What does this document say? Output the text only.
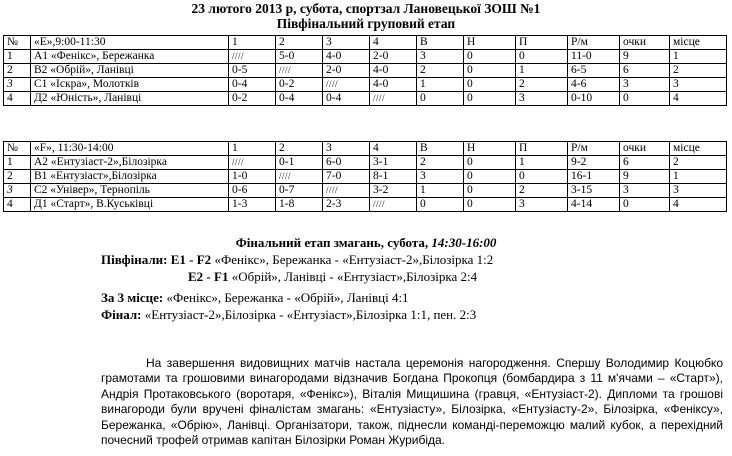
23 лютого 2013 р, субота, спортзал Лановецької ЗОШ №1
Півфінальний груповий етап
№	«Е»,9:00-11:30	1	2	3	4	В	Н	П	Р/м	очки	місце
1	А1 «Фенікс», Бережанка	////	5-0	4-0	2-0	3	0	0	11-0	9	1
2	В2 «Обрій», Ланівці	0-5	////	2-0	4-0	2	0	1	6-5	6	2
3	С1 «Іскра», Молотків	0-4	0-2	////	4-0	1	0	2	4-6	3	3
4	Д2 «Юність», Ланівці	0-2	0-4	0-4	////	0	0	3	0-10	0	4
№	«F», 11:30-14:00	1	2	3	4	В	Н	П	Р/м	очки	місце
1	А2 «Ентузіаст-2»,Білозірка	////	0-1	6-0	3-1	2	0	1	9-2	6	2
2	В1 «Ентузіаст»,Білозірка	1-0	////	7-0	8-1	3	0	0	16-1	9	1
3	С2 «Універ», Тернопіль	0-6	0-7	////	3-2	1	0	2	3-15	3	3
4	Д1 «Старт», В.Куськівці	1-3	1-8	2-3	////	0	0	3	4-14	0	4
Фінальний етап змагань, субота, 14:30-16:00
Півфінали: Е1 - F2 «Фенікс», Бережанка - «Ентузіаст-2»,Білозірка 1:2
Е2 - F1 «Обрій», Ланівці - «Ентузіаст»,Білозірка 2:4
За 3 місце: «Фенікс», Бережанка - «Обрій», Ланівці 4:1
Фінал: «Ентузіаст-2»,Білозірка - «Ентузіаст»,Білозірка 1:1, пен. 2:3

На завершення видовищних матчів настала церемонія нагородження. Спершу Володимир Коцюбко грамотами та грошовими винагородами відзначив Богдана Прокопця (бомбардира з 11 м'ячами – «Старт»), Андрія Протаковського (воротаря, «Фенікс»), Віталія Мищишина (гравця, «Ентузіаст-2). Дипломи та грошові винагороди були вручені фіналістам змагань: «Ентузіасту», Білозірка, «Ентузіасту-2», Білозірка, «Феніксу», Бережанка, «Обрію», Ланівці. Організатори, також, піднесли команді-переможцю малий кубок, а перехідний почесний трофей отримав капітан Білозірки Роман Журибіда.
